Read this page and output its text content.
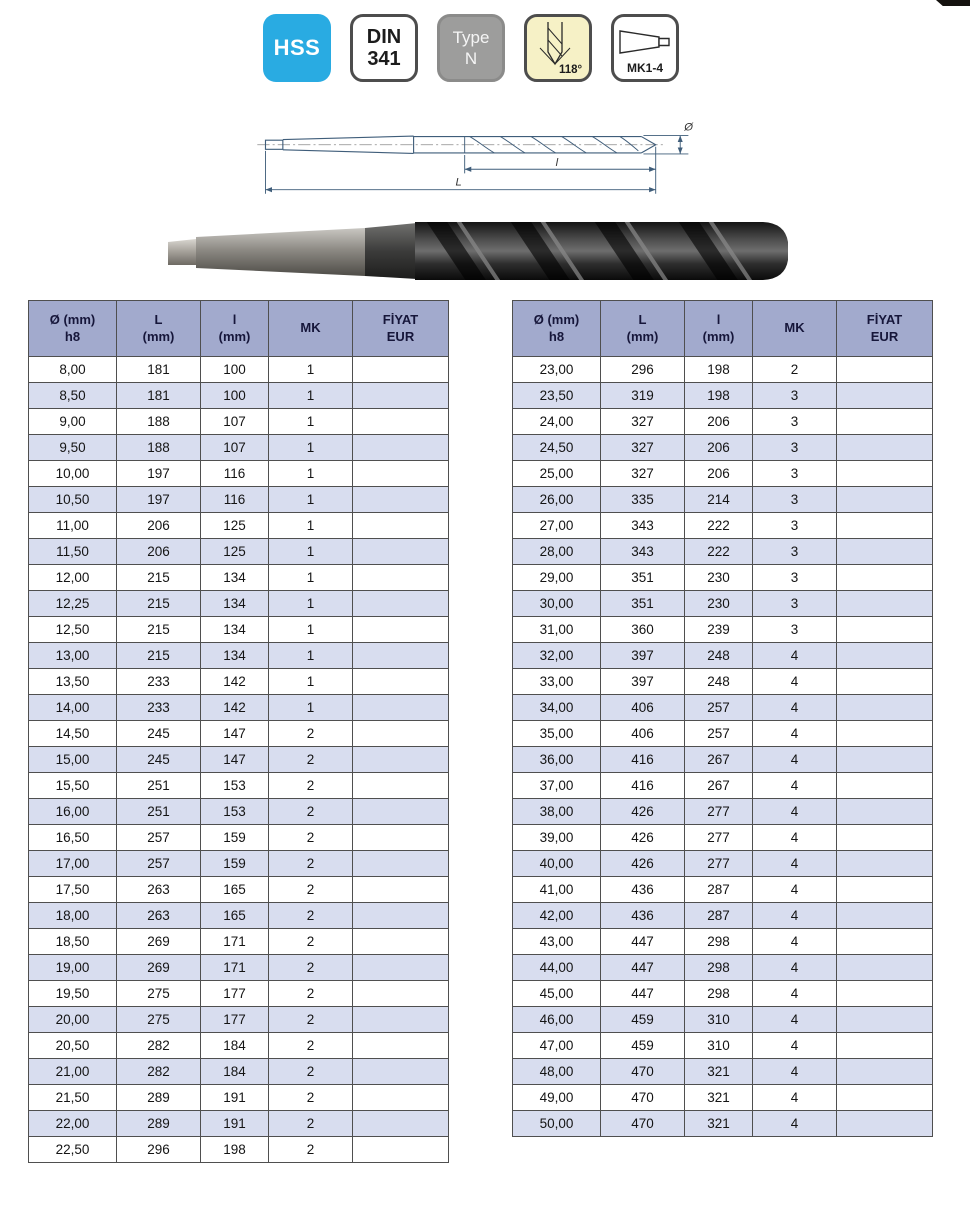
HSS DIN
341
Type
N
118°	MK1-4
Ø
l
L
Ø (mm)
h8	L
(mm)	l
(mm)	MK	FİYAT
EUR

8,00	181	100	1	
8,50	181	100	1	
9,00	188	107	1	
9,50	188	107	1	
10,00	197	116	1	
10,50	197	116	1	
11,00	206	125	1	
11,50	206	125	1	
12,00	215	134	1	
12,25	215	134	1	
12,50	215	134	1	
13,00	215	134	1	
13,50	233	142	1	
14,00	233	142	1	
14,50	245	147	2	
15,00	245	147	2	
15,50	251	153	2	
16,00	251	153	2	
16,50	257	159	2	
17,00	257	159	2	
17,50	263	165	2	
18,00	263	165	2	
18,50	269	171	2	
19,00	269	171	2	
19,50	275	177	2	
20,00	275	177	2	
20,50	282	184	2	
21,00	282	184	2	
21,50	289	191	2	
22,00	289	191	2	
22,50	296	198	2	
Ø (mm)
h8	L
(mm)	l
(mm)	MK	FİYAT
EUR

23,00	296	198	2	
23,50	319	198	3	
24,00	327	206	3	
24,50	327	206	3	
25,00	327	206	3	
26,00	335	214	3	
27,00	343	222	3	
28,00	343	222	3	
29,00	351	230	3	
30,00	351	230	3	
31,00	360	239	3	
32,00	397	248	4	
33,00	397	248	4	
34,00	406	257	4	
35,00	406	257	4	
36,00	416	267	4	
37,00	416	267	4	
38,00	426	277	4	
39,00	426	277	4	
40,00	426	277	4	
41,00	436	287	4	
42,00	436	287	4	
43,00	447	298	4	
44,00	447	298	4	
45,00	447	298	4	
46,00	459	310	4	
47,00	459	310	4	
48,00	470	321	4	
49,00	470	321	4	
50,00	470	321	4	
